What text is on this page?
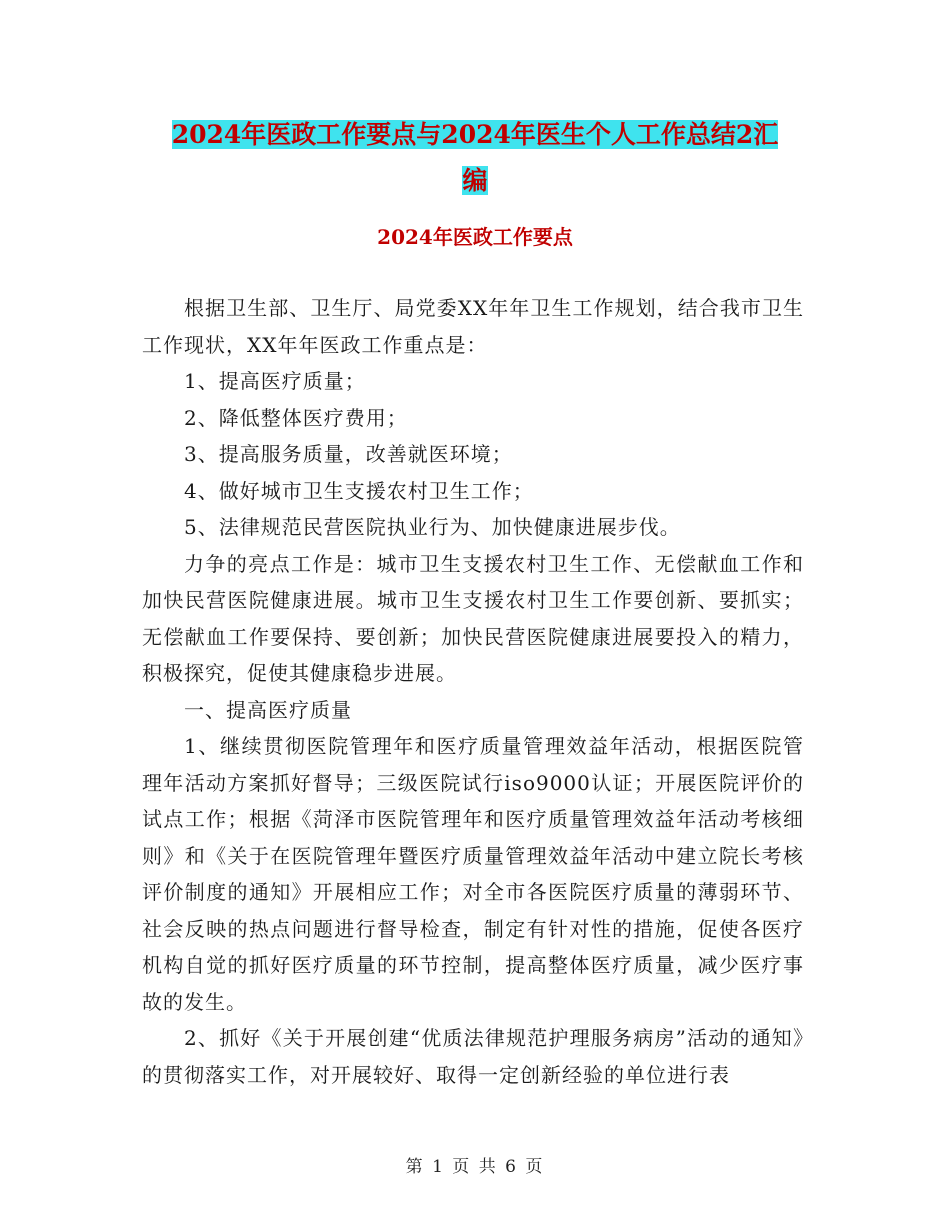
2024年医政工作要点与2024年医生个人工作总结2汇
编
2024年医政工作要点

根据卫生部、卫生厅、局党委XX年年卫生工作规划，结合我市卫生工作现状，XX年年医政工作重点是：

1、提高医疗质量；

2、降低整体医疗费用；

3、提高服务质量，改善就医环境；

4、做好城市卫生支援农村卫生工作；

5、法律规范民营医院执业行为、加快健康进展步伐。

力争的亮点工作是：城市卫生支援农村卫生工作、无偿献血工作和加快民营医院健康进展。城市卫生支援农村卫生工作要创新、要抓实；无偿献血工作要保持、要创新；加快民营医院健康进展要投入的精力，积极探究，促使其健康稳步进展。

一、提高医疗质量

1、继续贯彻医院管理年和医疗质量管理效益年活动，根据医院管理年活动方案抓好督导；三级医院试行iso9000认证；开展医院评价的试点工作；根据《菏泽市医院管理年和医疗质量管理效益年活动考核细则》和《关于在医院管理年暨医疗质量管理效益年活动中建立院长考核评价制度的通知》开展相应工作；对全市各医院医疗质量的薄弱环节、社会反映的热点问题进行督导检查，制定有针对性的措施，促使各医疗机构自觉的抓好医疗质量的环节控制，提高整体医疗质量，减少医疗事故的发生。

2、抓好《关于开展创建“优质法律规范护理服务病房”活动的通知》的贯彻落实工作，对开展较好、取得一定创新经验的单位进行表

第 1 页 共 6 页
